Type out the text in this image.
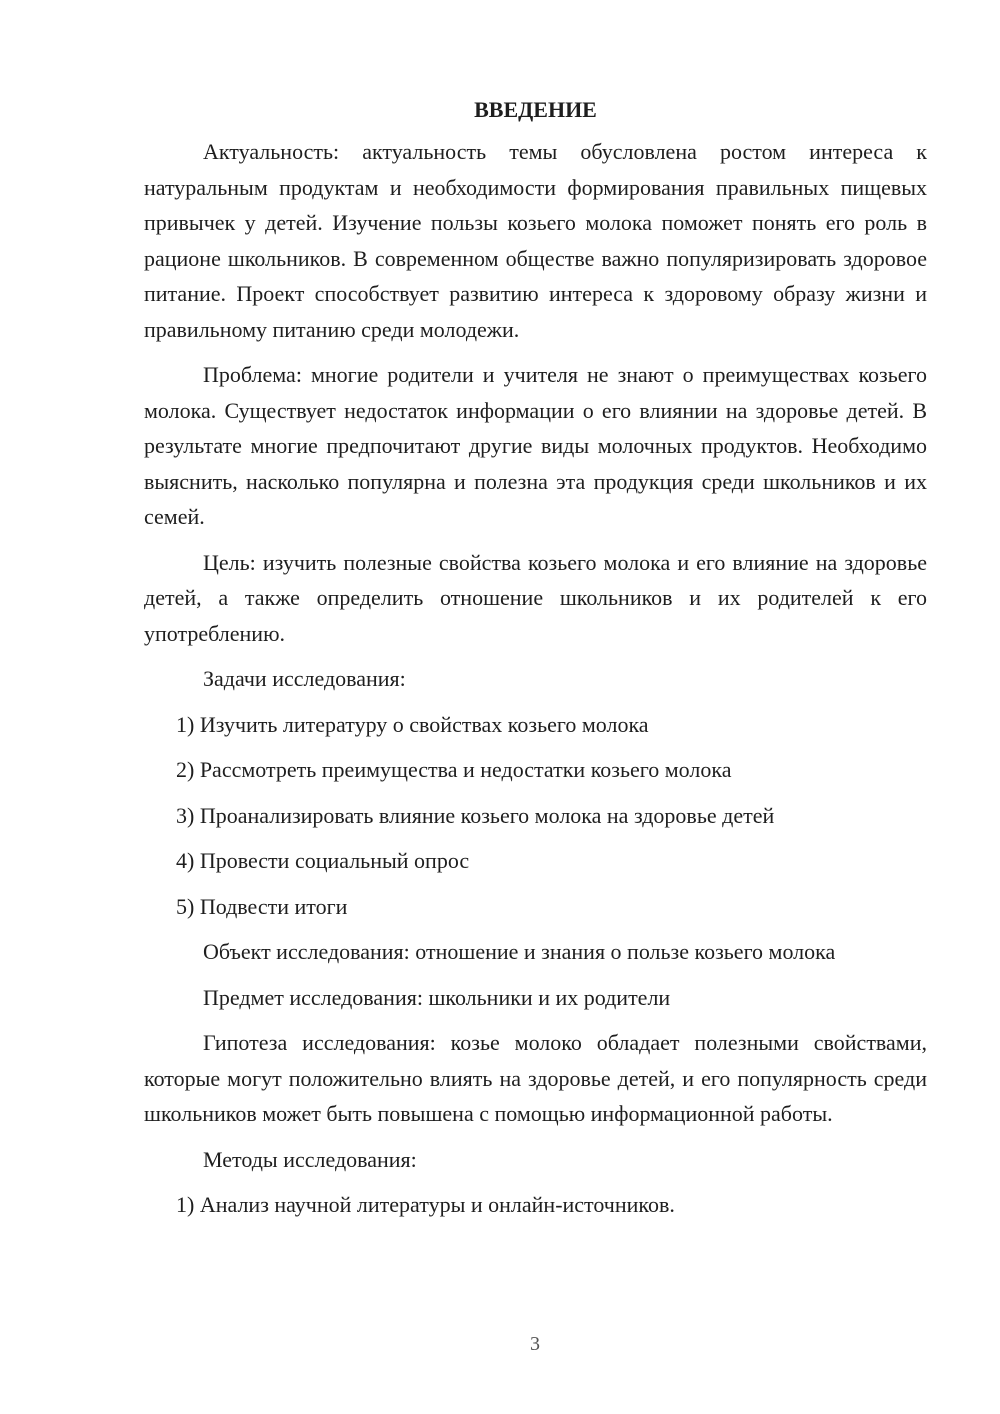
ВВЕДЕНИЕ

Актуальность: актуальность темы обусловлена ростом интереса к натуральным продуктам и необходимости формирования правильных пищевых привычек у детей. Изучение пользы козьего молока поможет понять его роль в рационе школьников. В современном обществе важно популяризировать здоровое питание. Проект способствует развитию интереса к здоровому образу жизни и правильному питанию среди молодежи.

Проблема: многие родители и учителя не знают о преимуществах козьего молока. Существует недостаток информации о его влиянии на здоровье детей. В результате многие предпочитают другие виды молочных продуктов. Необходимо выяснить, насколько популярна и полезна эта продукция среди школьников и их семей.

Цель: изучить полезные свойства козьего молока и его влияние на здоровье детей, а также определить отношение школьников и их родителей к его употреблению.

Задачи исследования:

1) Изучить литературу о свойствах козьего молока
2) Рассмотреть преимущества и недостатки козьего молока
3) Проанализировать влияние козьего молока на здоровье детей
4) Провести социальный опрос
5) Подвести итоги

Объект исследования: отношение и знания о пользе козьего молока

Предмет исследования: школьники и их родители

Гипотеза исследования: козье молоко обладает полезными свойствами, которые могут положительно влиять на здоровье детей, и его популярность среди школьников может быть повышена с помощью информационной работы.

Методы исследования:

1) Анализ научной литературы и онлайн-источников.
3
